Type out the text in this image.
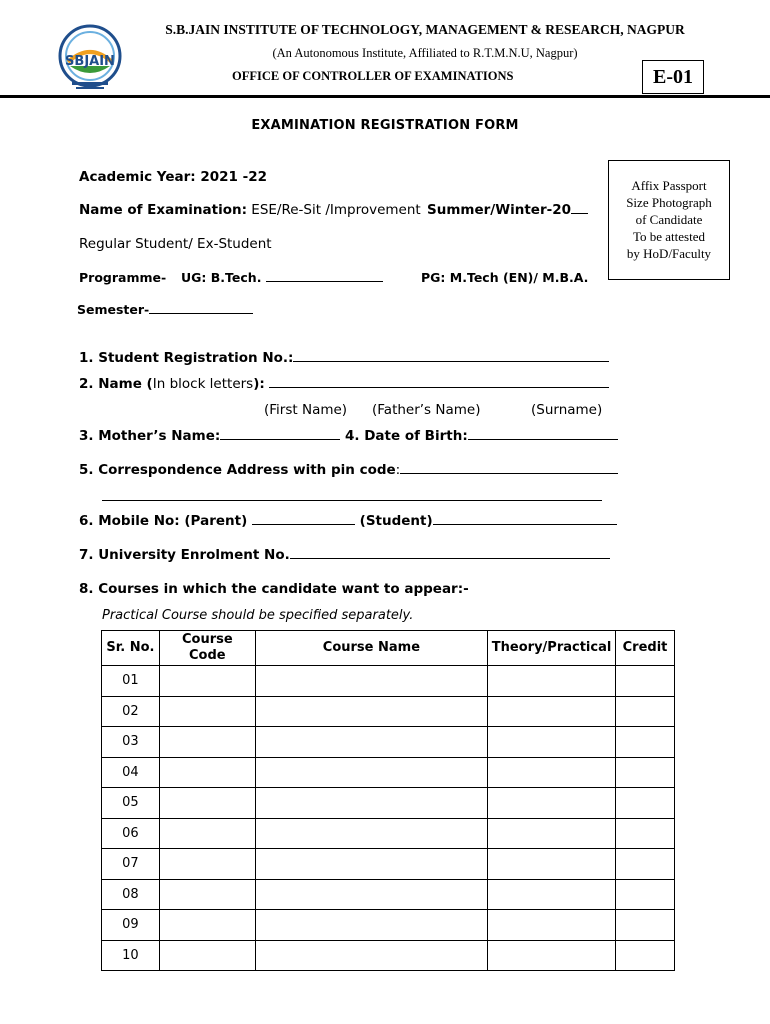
SBJAIN
S.B.JAIN INSTITUTE OF TECHNOLOGY, MANAGEMENT & RESEARCH, NAGPUR
(An Autonomous Institute, Affiliated to R.T.M.N.U, Nagpur)
OFFICE OF CONTROLLER OF EXAMINATIONS	E-01
EXAMINATION REGISTRATION FORM
Affix Passport
Size Photograph
of Candidate
To be attested
by HoD/Faculty
Academic Year: 2021 -22
Name of Examination: ESE/Re-Sit /Improvement Summer/Winter-20
Regular Student/ Ex-Student
Programme- UG: B.Tech.	PG: M.Tech (EN)/ M.B.A.
Semester-
1. Student Registration No.:
2. Name (In block letters):
(First Name) (Father’s Name)	(Surname)
3. Mother’s Name:	4. Date of Birth:
5. Correspondence Address with pin code:
6. Mobile No: (Parent)	(Student)
7. University Enrolment No.
8. Courses in which the candidate want to appear:-
Practical Course should be specified separately.
Sr. No.	Course Code	Course Name	Theory/Practical	Credit
01				
02				
03				
04				
05				
06				
07				
08				
09				
10				
